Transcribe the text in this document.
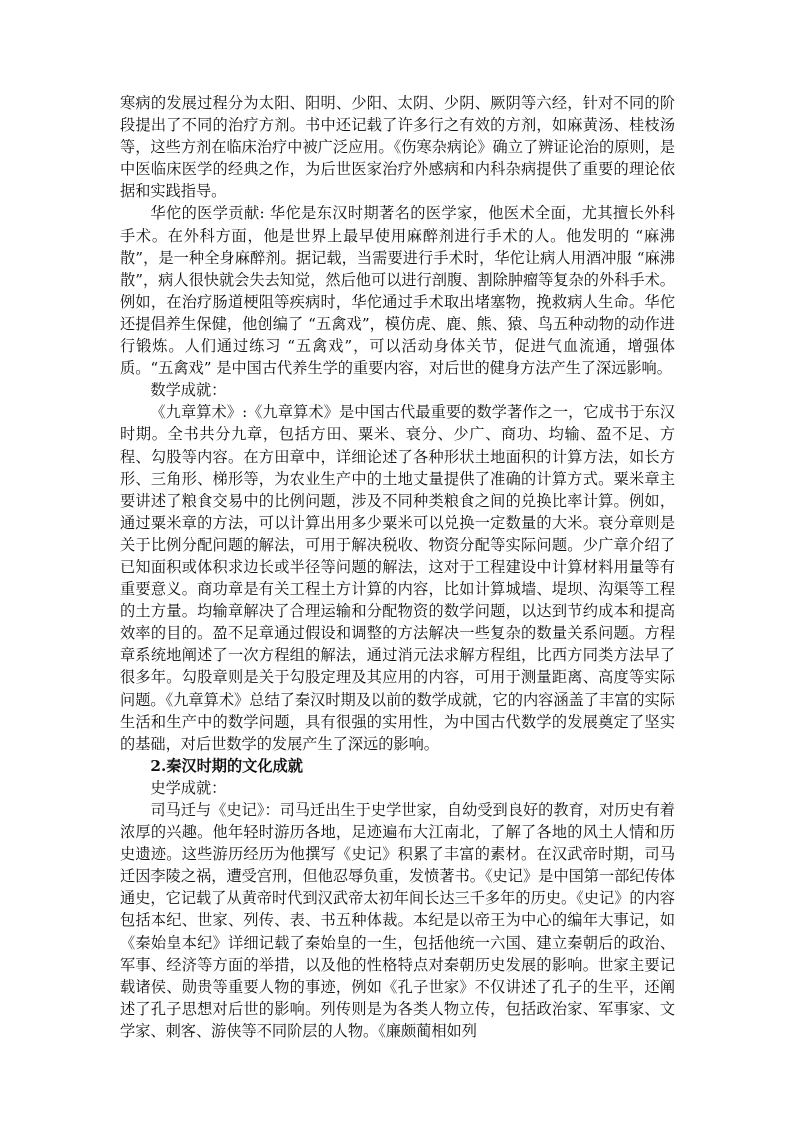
寒病的发展过程分为太阳、阳明、少阳、太阴、少阴、厥阴等六经，针对不同的阶段提出了不同的治疗方剂。书中还记载了许多行之有效的方剂，如麻黄汤、桂枝汤等，这些方剂在临床治疗中被广泛应用。《伤寒杂病论》确立了辨证论治的原则，是中医临床医学的经典之作，为后世医家治疗外感病和内科杂病提供了重要的理论依据和实践指导。

华佗的医学贡献: 华佗是东汉时期著名的医学家，他医术全面，尤其擅长外科手术。在外科方面，他是世界上最早使用麻醉剂进行手术的人。他发明的 “麻沸散”，是一种全身麻醉剂。据记载，当需要进行手术时，华佗让病人用酒冲服 “麻沸散”，病人很快就会失去知觉，然后他可以进行剖腹、割除肿瘤等复杂的外科手术。例如，在治疗肠道梗阻等疾病时，华佗通过手术取出堵塞物，挽救病人生命。华佗还提倡养生保健，他创编了 “五禽戏”，模仿虎、鹿、熊、猿、鸟五种动物的动作进行锻炼。人们通过练习 “五禽戏”，可以活动身体关节，促进气血流通，增强体质。“五禽戏” 是中国古代养生学的重要内容，对后世的健身方法产生了深远影响。

数学成就：

《九章算术》:《九章算术》是中国古代最重要的数学著作之一，它成书于东汉时期。全书共分九章，包括方田、粟米、衰分、少广、商功、均输、盈不足、方程、勾股等内容。在方田章中，详细论述了各种形状土地面积的计算方法，如长方形、三角形、梯形等，为农业生产中的土地丈量提供了准确的计算方式。粟米章主要讲述了粮食交易中的比例问题，涉及不同种类粮食之间的兑换比率计算。例如，通过粟米章的方法，可以计算出用多少粟米可以兑换一定数量的大米。衰分章则是关于比例分配问题的解法，可用于解决税收、物资分配等实际问题。少广章介绍了已知面积或体积求边长或半径等问题的解法，这对于工程建设中计算材料用量等有重要意义。商功章是有关工程土方计算的内容，比如计算城墙、堤坝、沟渠等工程的土方量。均输章解决了合理运输和分配物资的数学问题，以达到节约成本和提高效率的目的。盈不足章通过假设和调整的方法解决一些复杂的数量关系问题。方程章系统地阐述了一次方程组的解法，通过消元法求解方程组，比西方同类方法早了很多年。勾股章则是关于勾股定理及其应用的内容，可用于测量距离、高度等实际问题。《九章算术》总结了秦汉时期及以前的数学成就，它的内容涵盖了丰富的实际生活和生产中的数学问题，具有很强的实用性，为中国古代数学的发展奠定了坚实的基础，对后世数学的发展产生了深远的影响。

2.秦汉时期的文化成就

史学成就：

司马迁与《史记》：司马迁出生于史学世家，自幼受到良好的教育，对历史有着浓厚的兴趣。他年轻时游历各地，足迹遍布大江南北，了解了各地的风土人情和历史遗迹。这些游历经历为他撰写《史记》积累了丰富的素材。在汉武帝时期，司马迁因李陵之祸，遭受宫刑，但他忍辱负重，发愤著书。《史记》是中国第一部纪传体通史，它记载了从黄帝时代到汉武帝太初年间长达三千多年的历史。《史记》的内容包括本纪、世家、列传、表、书五种体裁。本纪是以帝王为中心的编年大事记，如《秦始皇本纪》详细记载了秦始皇的一生，包括他统一六国、建立秦朝后的政治、军事、经济等方面的举措，以及他的性格特点对秦朝历史发展的影响。世家主要记载诸侯、勋贵等重要人物的事迹，例如《孔子世家》不仅讲述了孔子的生平，还阐述了孔子思想对后世的影响。列传则是为各类人物立传，包括政治家、军事家、文学家、刺客、游侠等不同阶层的人物。《廉颇蔺相如列
